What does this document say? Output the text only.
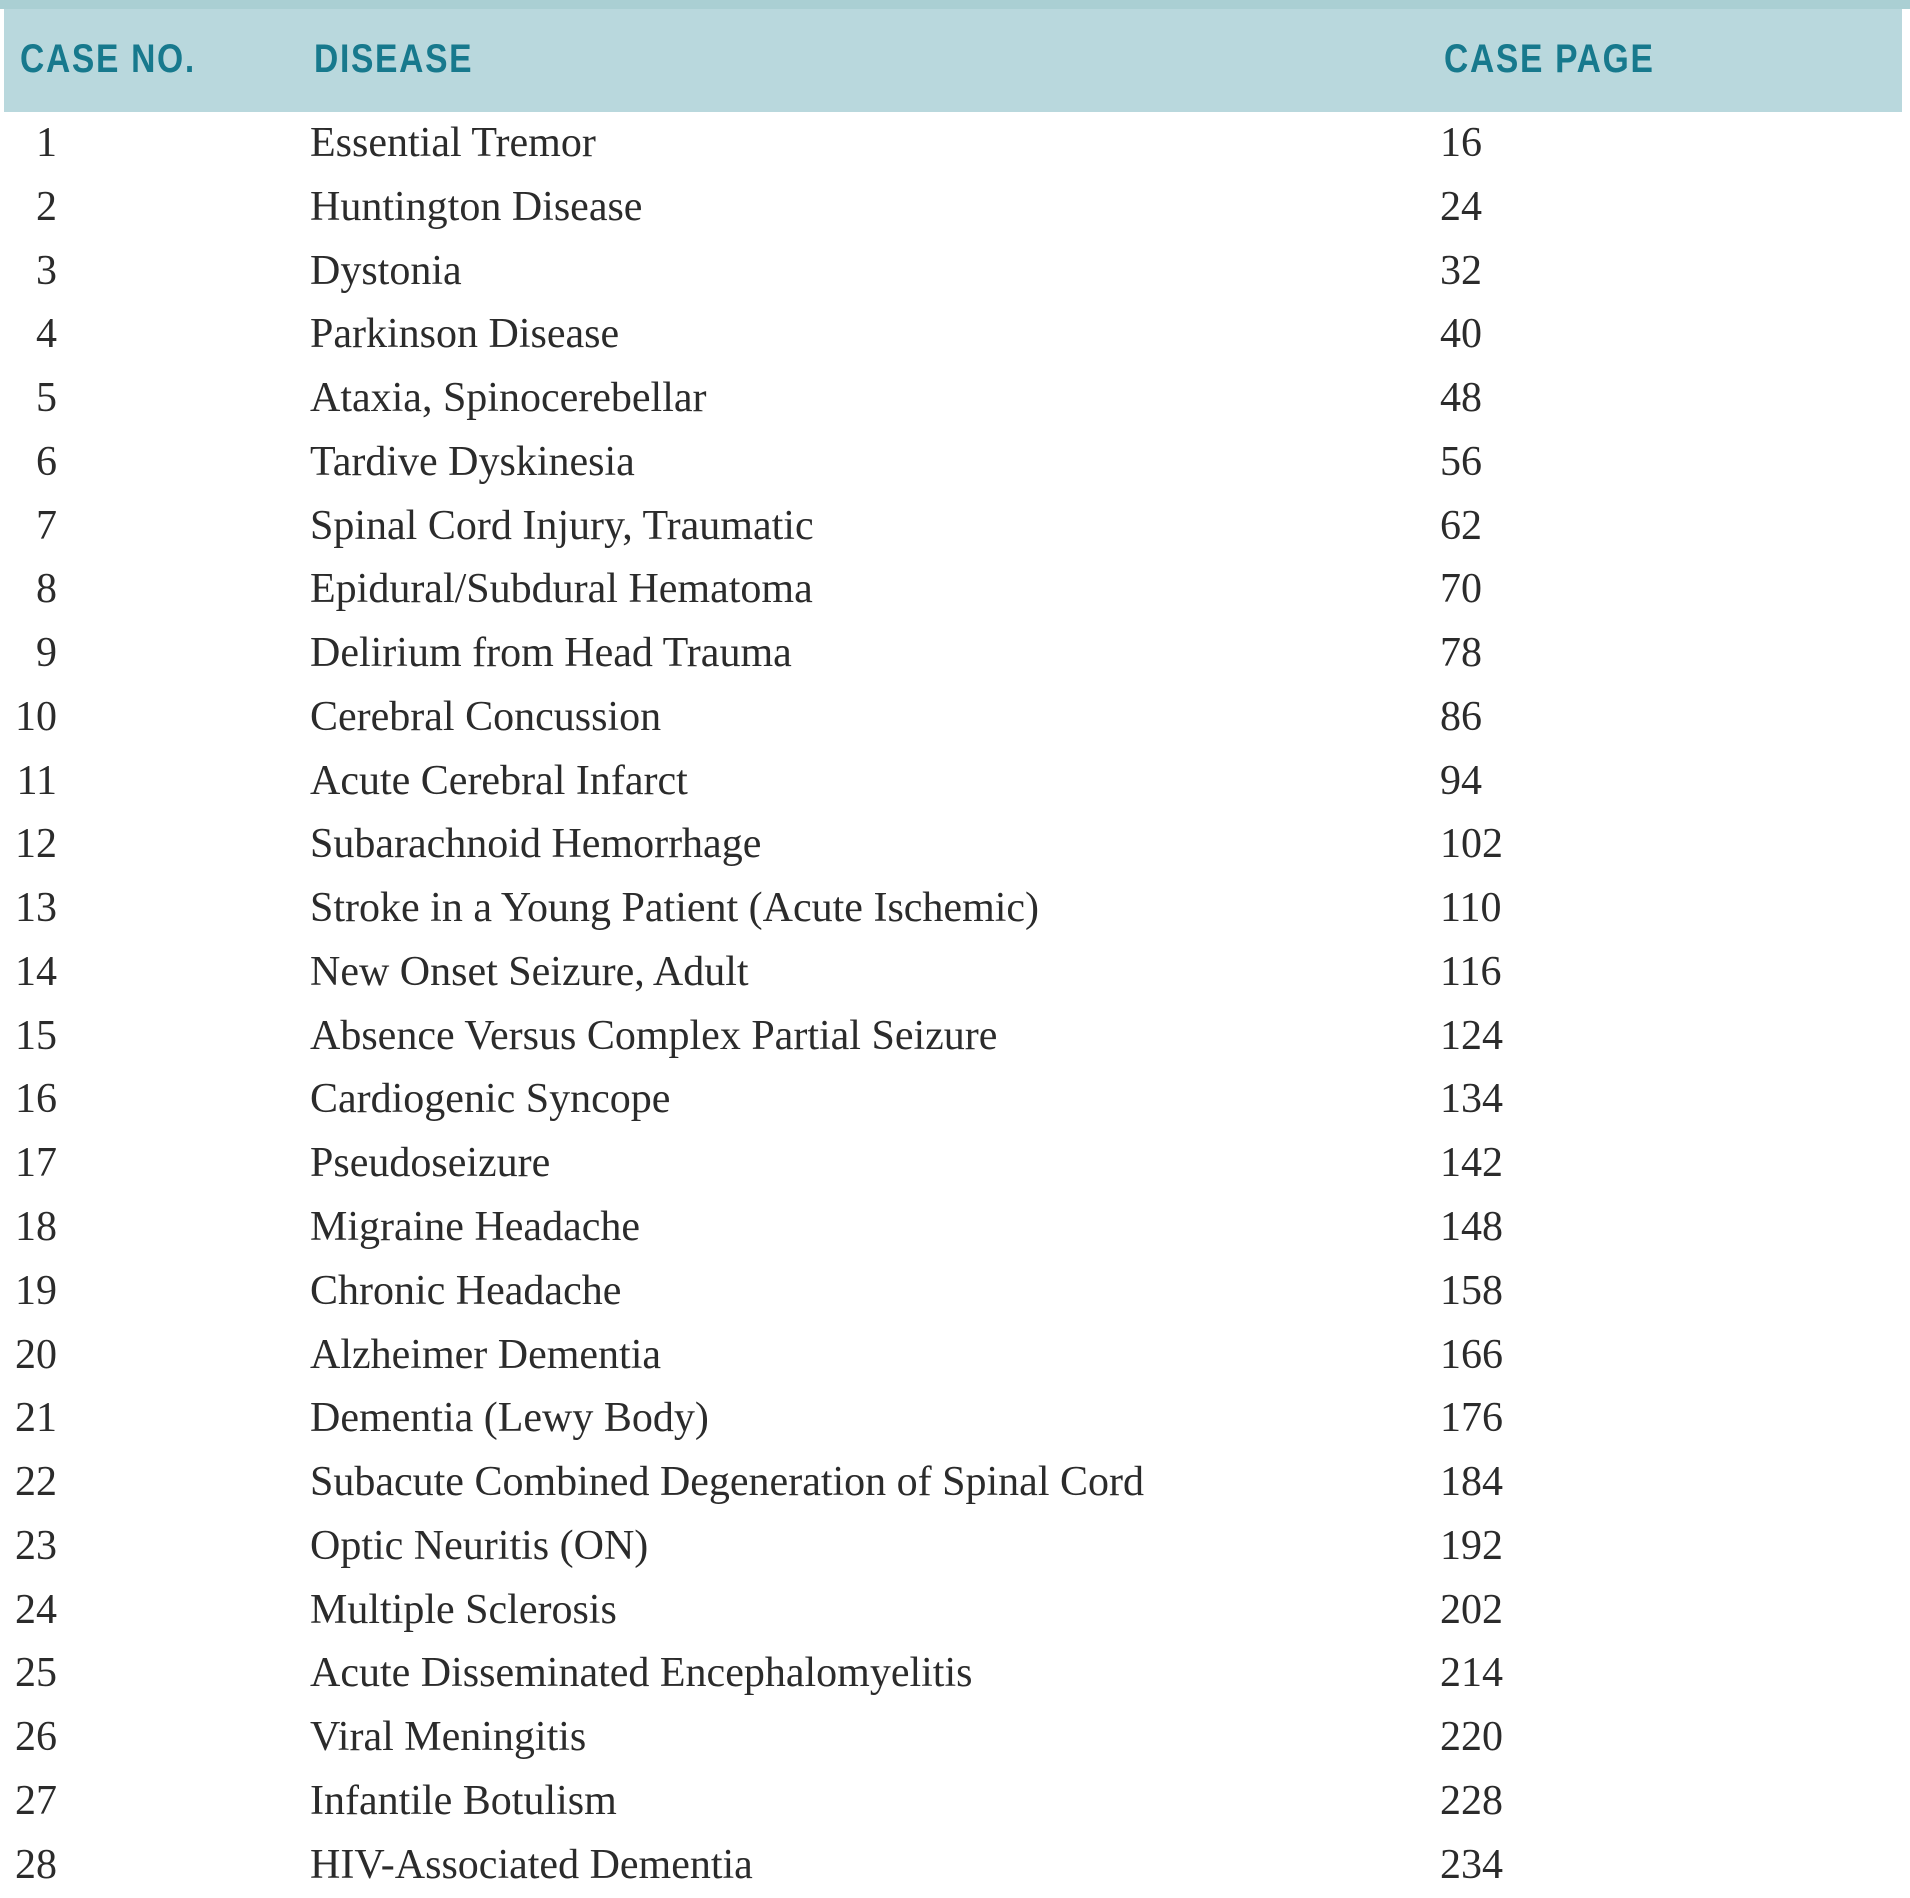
CASE NO.	DISEASE	CASE PAGE
1	Essential Tremor	16
2	Huntington Disease	24
3	Dystonia	32
4	Parkinson Disease	40
5	Ataxia, Spinocerebellar	48
6	Tardive Dyskinesia	56
7	Spinal Cord Injury, Traumatic	62
8	Epidural/Subdural Hematoma	70
9	Delirium from Head Trauma	78
10	Cerebral Concussion	86
11	Acute Cerebral Infarct	94
12	Subarachnoid Hemorrhage	102
13	Stroke in a Young Patient (Acute Ischemic)	110
14	New Onset Seizure, Adult	116
15	Absence Versus Complex Partial Seizure	124
16	Cardiogenic Syncope	134
17	Pseudoseizure	142
18	Migraine Headache	148
19	Chronic Headache	158
20	Alzheimer Dementia	166
21	Dementia (Lewy Body)	176
22	Subacute Combined Degeneration of Spinal Cord	184
23	Optic Neuritis (ON)	192
24	Multiple Sclerosis	202
25	Acute Disseminated Encephalomyelitis	214
26	Viral Meningitis	220
27	Infantile Botulism	228
28	HIV-Associated Dementia	234
